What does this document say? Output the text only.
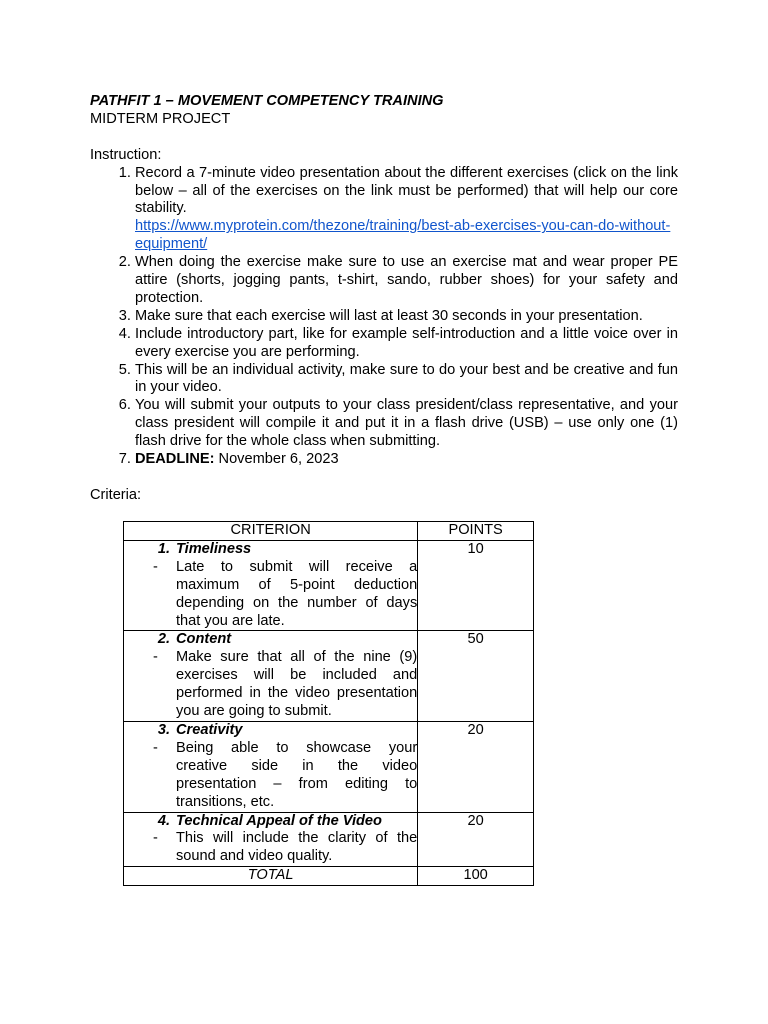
PATHFIT 1 – MOVEMENT COMPETENCY TRAINING
MIDTERM PROJECT
Instruction:
1. Record a 7-minute video presentation about the different exercises (click on the link below – all of the exercises on the link must be performed) that will help our core stability.
https://www.myprotein.com/thezone/training/best-ab-exercises-you-can-do-without-equipment/
2. When doing the exercise make sure to use an exercise mat and wear proper PE attire (shorts, jogging pants, t-shirt, sando, rubber shoes) for your safety and protection.
3. Make sure that each exercise will last at least 30 seconds in your presentation.
4. Include introductory part, like for example self-introduction and a little voice over in every exercise you are performing.
5. This will be an individual activity, make sure to do your best and be creative and fun in your video.
6. You will submit your outputs to your class president/class representative, and your class president will compile it and put it in a flash drive (USB) – use only one (1) flash drive for the whole class when submitting.
7. DEADLINE: November 6, 2023
Criteria:
CRITERION	POINTS

1. Timeliness
- Late to submit will receive a maximum of 5-point deduction depending on the number of days that you are late.	10

2. Content
- Make sure that all of the nine (9) exercises will be included and performed in the video presentation you are going to submit.	50

3. Creativity
- Being able to showcase your creative side in the video presentation – from editing to transitions, etc.	20

4. Technical Appeal of the Video
- This will include the clarity of the sound and video quality.	20
TOTAL	100
